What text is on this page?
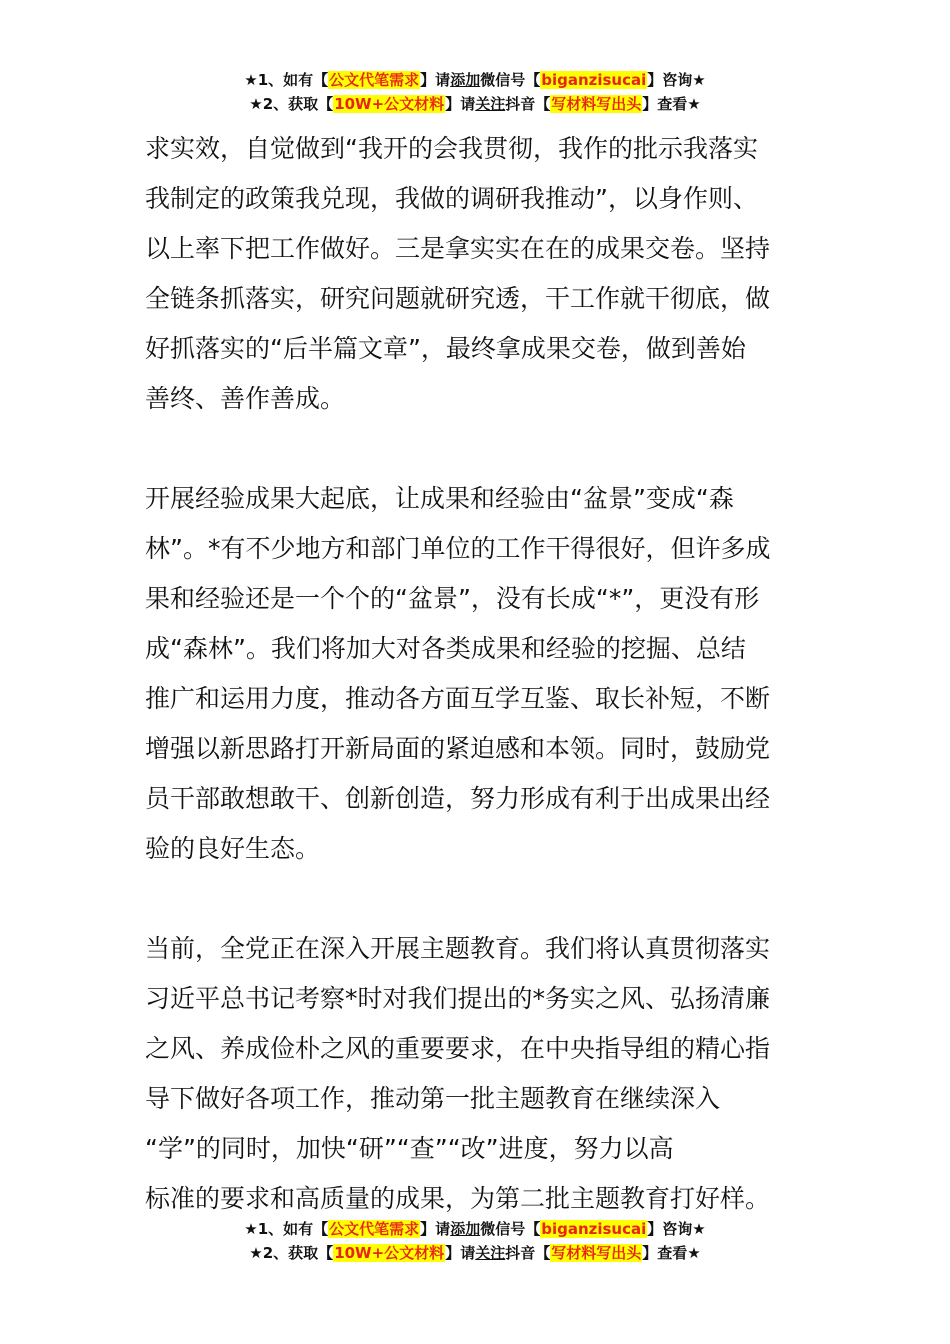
★1、如有【公文代笔需求】请添加微信号【biganzisucai】咨询★
★2、获取【10W+公文材料】请关注抖音【写材料写出头】查看★

求实效，自觉做到“我开的会我贯彻，我作的批示我落实
我制定的政策我兑现，我做的调研我推动”，以身作则、
以上率下把工作做好。三是拿实实在在的成果交卷。坚持
全链条抓落实，研究问题就研究透，干工作就干彻底，做
好抓落实的“后半篇文章”，最终拿成果交卷，做到善始
善终、善作善成。

开展经验成果大起底，让成果和经验由“盆景”变成“森
林”。*有不少地方和部门单位的工作干得很好，但许多成
果和经验还是一个个的“盆景”，没有长成“*”，更没有形
成“森林”。我们将加大对各类成果和经验的挖掘、总结
推广和运用力度，推动各方面互学互鉴、取长补短，不断
增强以新思路打开新局面的紧迫感和本领。同时，鼓励党
员干部敢想敢干、创新创造，努力形成有利于出成果出经
验的良好生态。

当前，全党正在深入开展主题教育。我们将认真贯彻落实
习近平总书记考察*时对我们提出的*务实之风、弘扬清廉
之风、养成俭朴之风的重要要求，在中央指导组的精心指
导下做好各项工作，推动第一批主题教育在继续深入
“学”的同时，加快“研”“查”“改”进度，努力以高
标准的要求和高质量的成果，为第二批主题教育打好样。

★1、如有【公文代笔需求】请添加微信号【biganzisucai】咨询★
★2、获取【10W+公文材料】请关注抖音【写材料写出头】查看★
